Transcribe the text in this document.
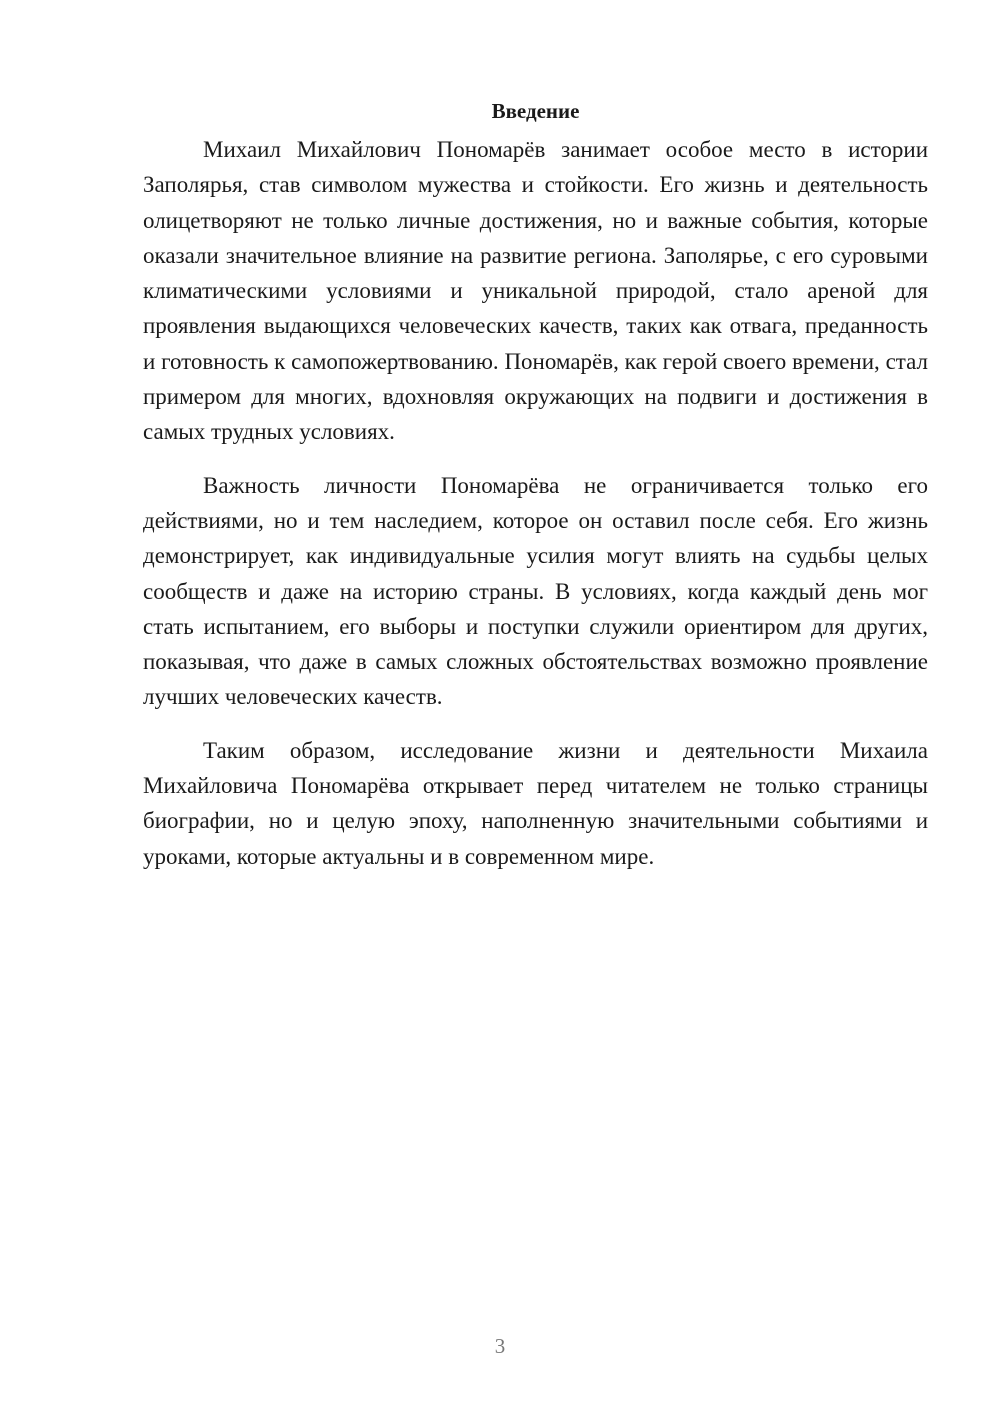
Введение

Михаил Михайлович Пономарёв занимает особое место в истории Заполярья, став символом мужества и стойкости. Его жизнь и деятельность олицетворяют не только личные достижения, но и важные события, которые оказали значительное влияние на развитие региона. Заполярье, с его суровыми климатическими условиями и уникальной природой, стало ареной для проявления выдающихся человеческих качеств, таких как отвага, преданность и готовность к самопожертвованию. Пономарёв, как герой своего времени, стал примером для многих, вдохновляя окружающих на подвиги и достижения в самых трудных условиях.

Важность личности Пономарёва не ограничивается только его действиями, но и тем наследием, которое он оставил после себя. Его жизнь демонстрирует, как индивидуальные усилия могут влиять на судьбы целых сообществ и даже на историю страны. В условиях, когда каждый день мог стать испытанием, его выборы и поступки служили ориентиром для других, показывая, что даже в самых сложных обстоятельствах возможно проявление лучших человеческих качеств.

Таким образом, исследование жизни и деятельности Михаила Михайловича Пономарёва открывает перед читателем не только страницы биографии, но и целую эпоху, наполненную значительными событиями и уроками, которые актуальны и в современном мире.

3
